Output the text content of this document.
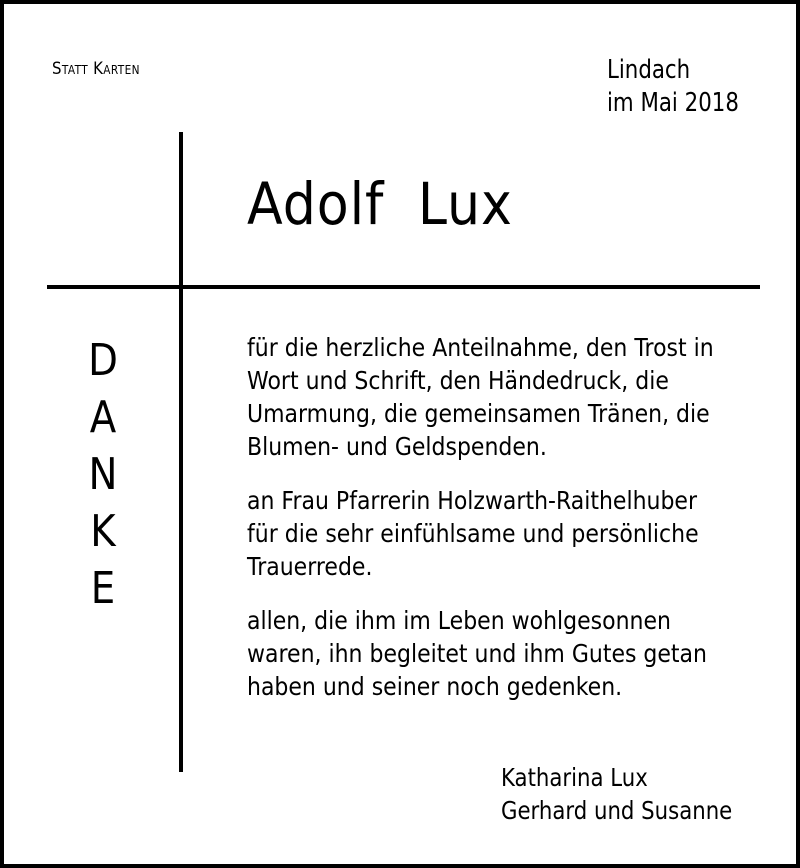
Statt Karten	Lindach
im Mai 2018
Adolf Lux
D
A
N
K
E
für die herzliche Anteilnahme, den Trost in
Wort und Schrift, den Händedruck, die
Umarmung, die gemeinsamen Tränen, die
Blumen- und Geldspenden.
an Frau Pfarrerin Holzwarth-Raithelhuber
für die sehr einfühlsame und persönliche
Trauerrede.
allen, die ihm im Leben wohlgesonnen
waren, ihn begleitet und ihm Gutes getan
haben und seiner noch gedenken.
Katharina Lux
Gerhard und Susanne
